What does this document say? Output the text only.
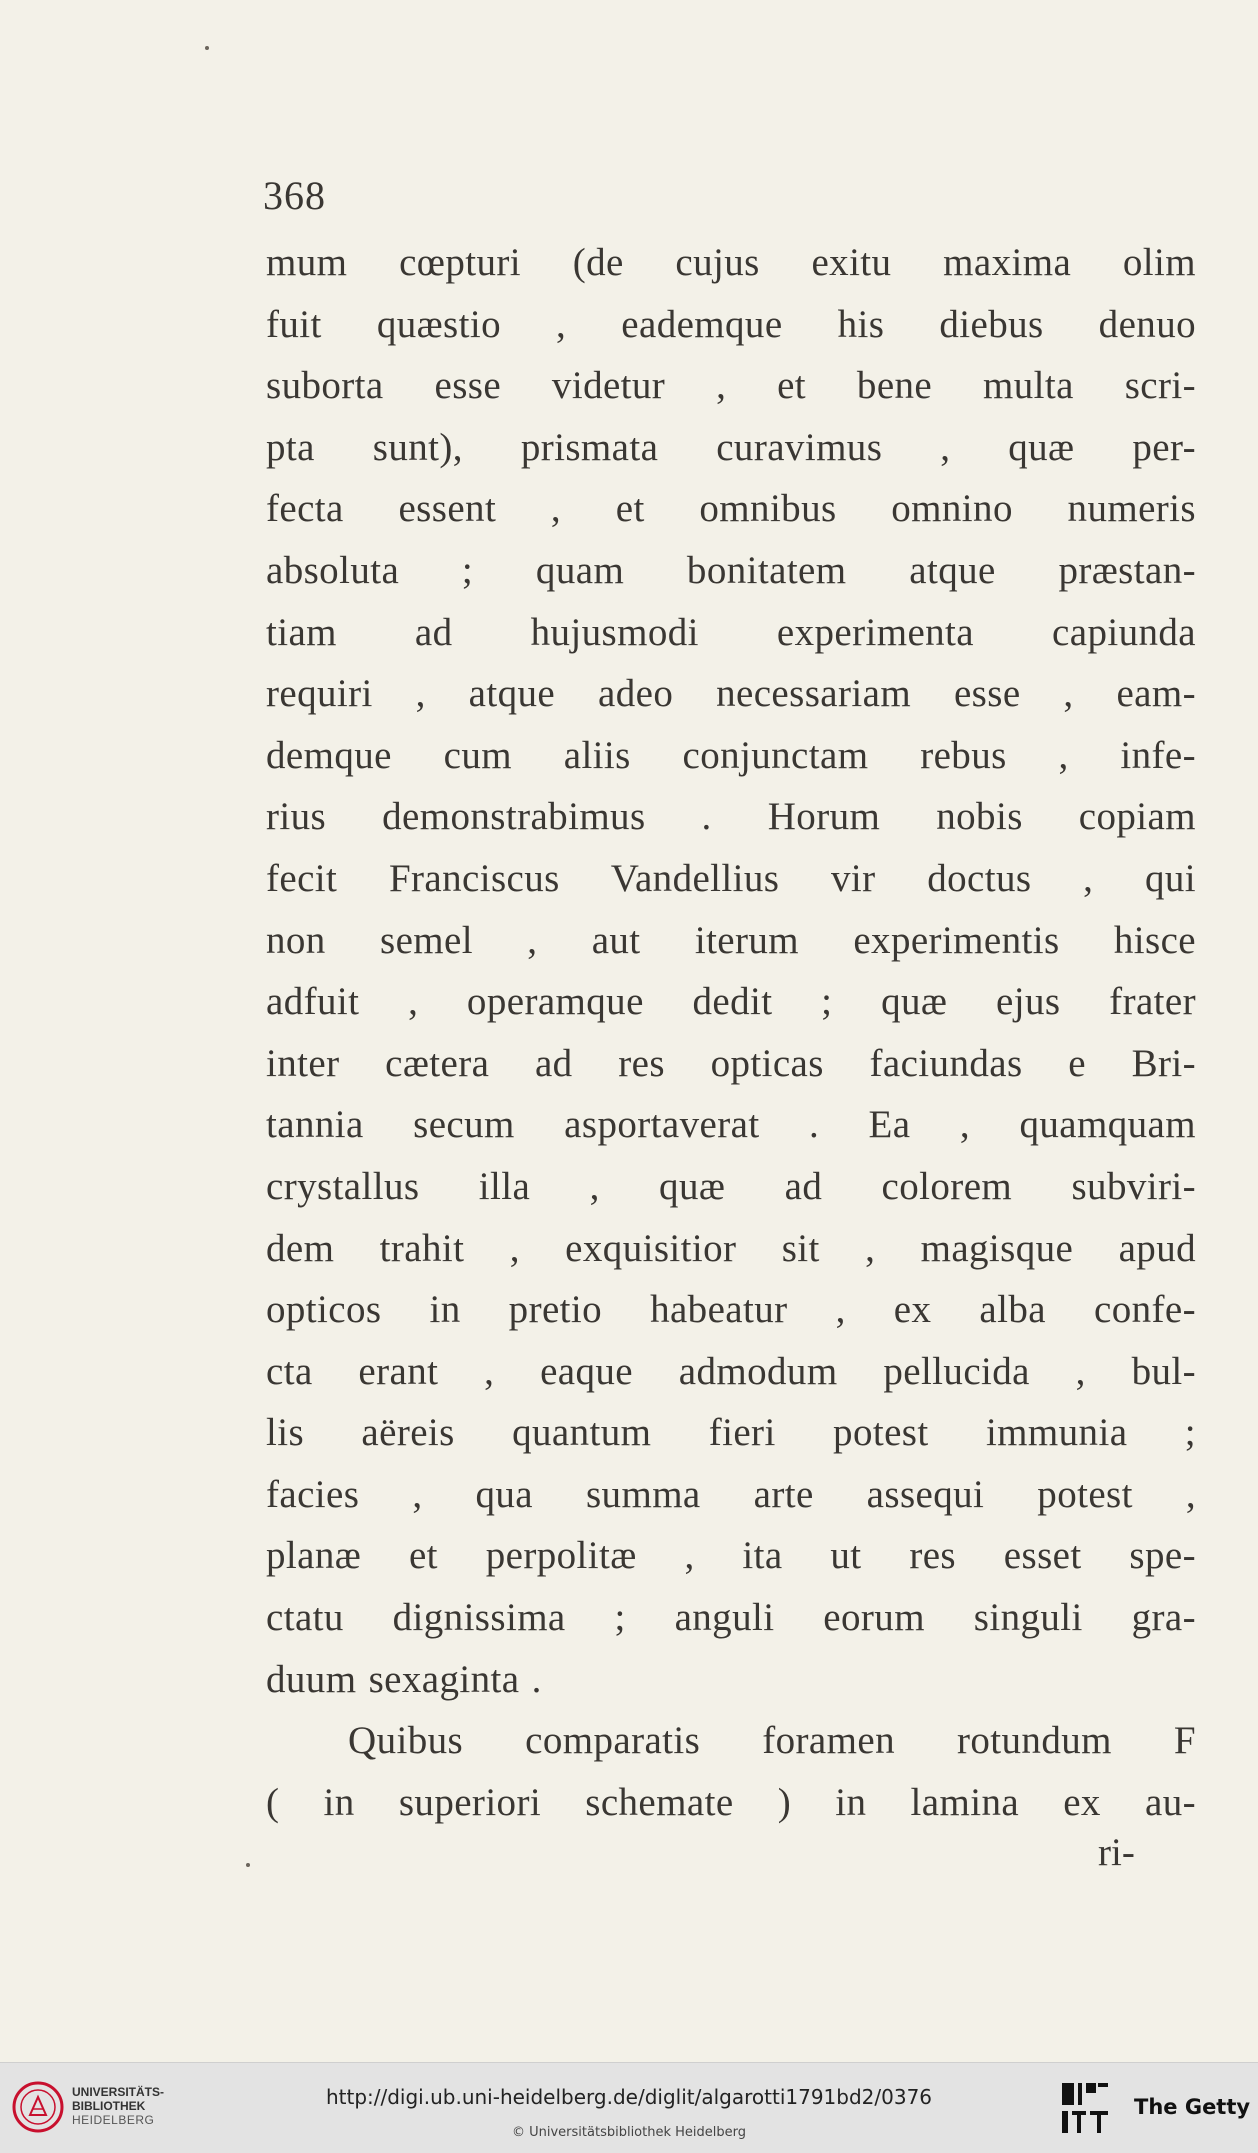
368
mum cœpturi (de cujus exitu maxima olim
fuit quæstio , eademque his diebus denuo
suborta esse videtur , et bene multa scri-
pta sunt), prismata curavimus , quæ per-
fecta essent , et omnibus omnino numeris
absoluta ; quam bonitatem atque præstan-
tiam ad hujusmodi experimenta capiunda
requiri , atque adeo necessariam esse , eam-
demque cum aliis conjunctam rebus , infe-
rius demonstrabimus . Horum nobis copiam
fecit Franciscus Vandellius vir doctus , qui
non semel , aut iterum experimentis hisce
adfuit , operamque dedit ; quæ ejus frater
inter cætera ad res opticas faciundas e Bri-
tannia secum asportaverat . Ea , quamquam
crystallus illa , quæ ad colorem subviri-
dem trahit , exquisitior sit , magisque apud
opticos in pretio habeatur , ex alba confe-
cta erant , eaque admodum pellucida , bul-
lis aëreis quantum fieri potest immunia ;
facies , qua summa arte assequi potest ,
planæ et perpolitæ , ita ut res esset spe-
ctatu dignissima ; anguli eorum singuli gra-
duum sexaginta .
Quibus comparatis foramen rotundum F
( in superiori schemate ) in lamina ex au-
ri-
UNIVERSITÄTS-
BIBLIOTHEK
HEIDELBERG
http://digi.ub.uni-heidelberg.de/diglit/algarotti1791bd2/0376
© Universitätsbibliothek Heidelberg
The Getty
